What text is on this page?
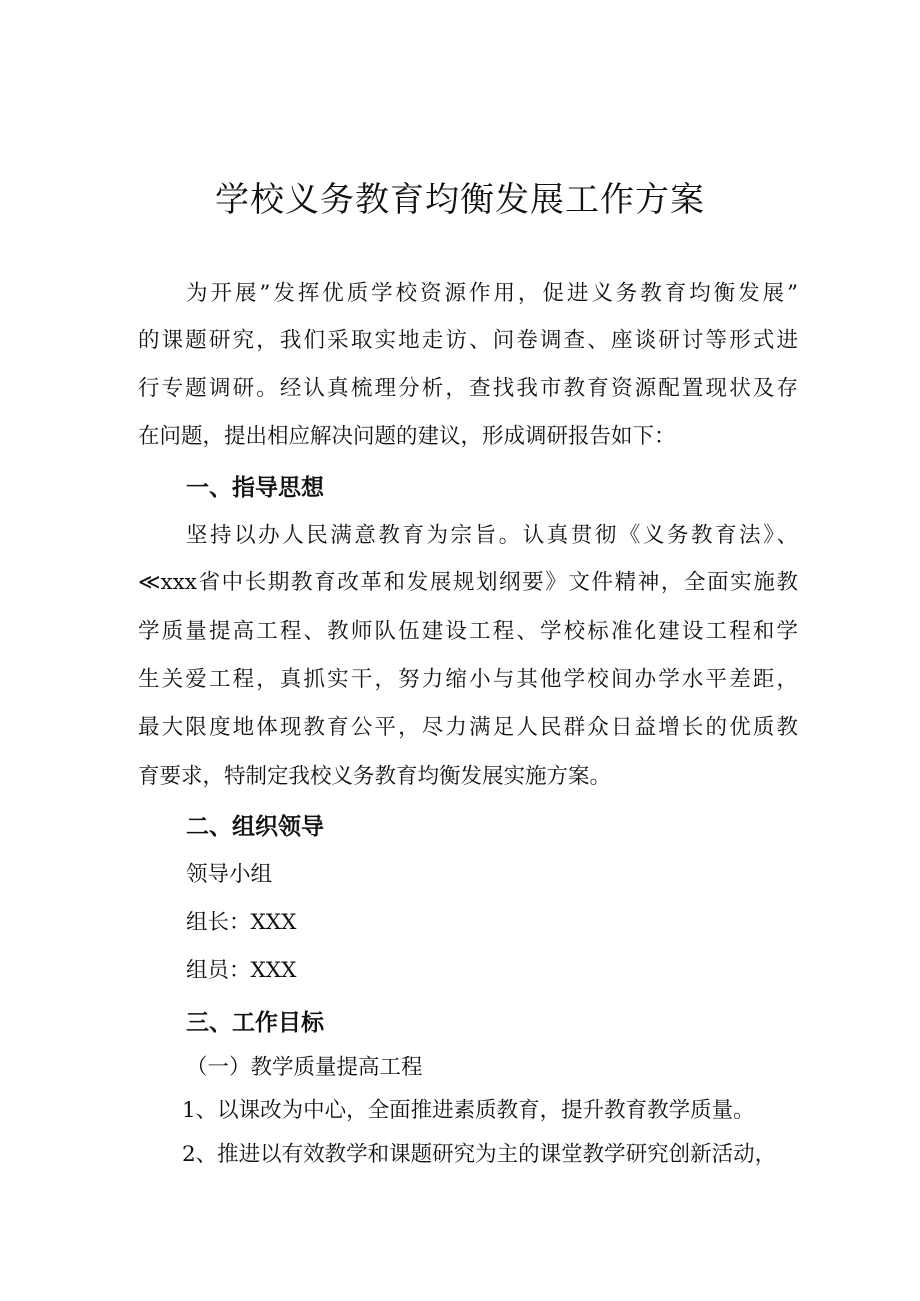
学校义务教育均衡发展工作方案
为开展”发挥优质学校资源作用，促进义务教育均衡发展”
的课题研究，我们采取实地走访、问卷调查、座谈研讨等形式进
行专题调研。经认真梳理分析，查找我市教育资源配置现状及存
在问题，提出相应解决问题的建议，形成调研报告如下：
一、指导思想
坚持以办人民满意教育为宗旨。认真贯彻《义务教育法》、
≪xxx省中长期教育改革和发展规划纲要》文件精神，全面实施教
学质量提高工程、教师队伍建设工程、学校标准化建设工程和学
生关爱工程，真抓实干，努力缩小与其他学校间办学水平差距，
最大限度地体现教育公平，尽力满足人民群众日益增长的优质教
育要求，特制定我校义务教育均衡发展实施方案。
二、组织领导
领导小组
组长：XXX
组员：XXX
三、工作目标
（一）教学质量提高工程
1、以课改为中心，全面推进素质教育，提升教育教学质量。
2、推进以有效教学和课题研究为主的课堂教学研究创新活动，
